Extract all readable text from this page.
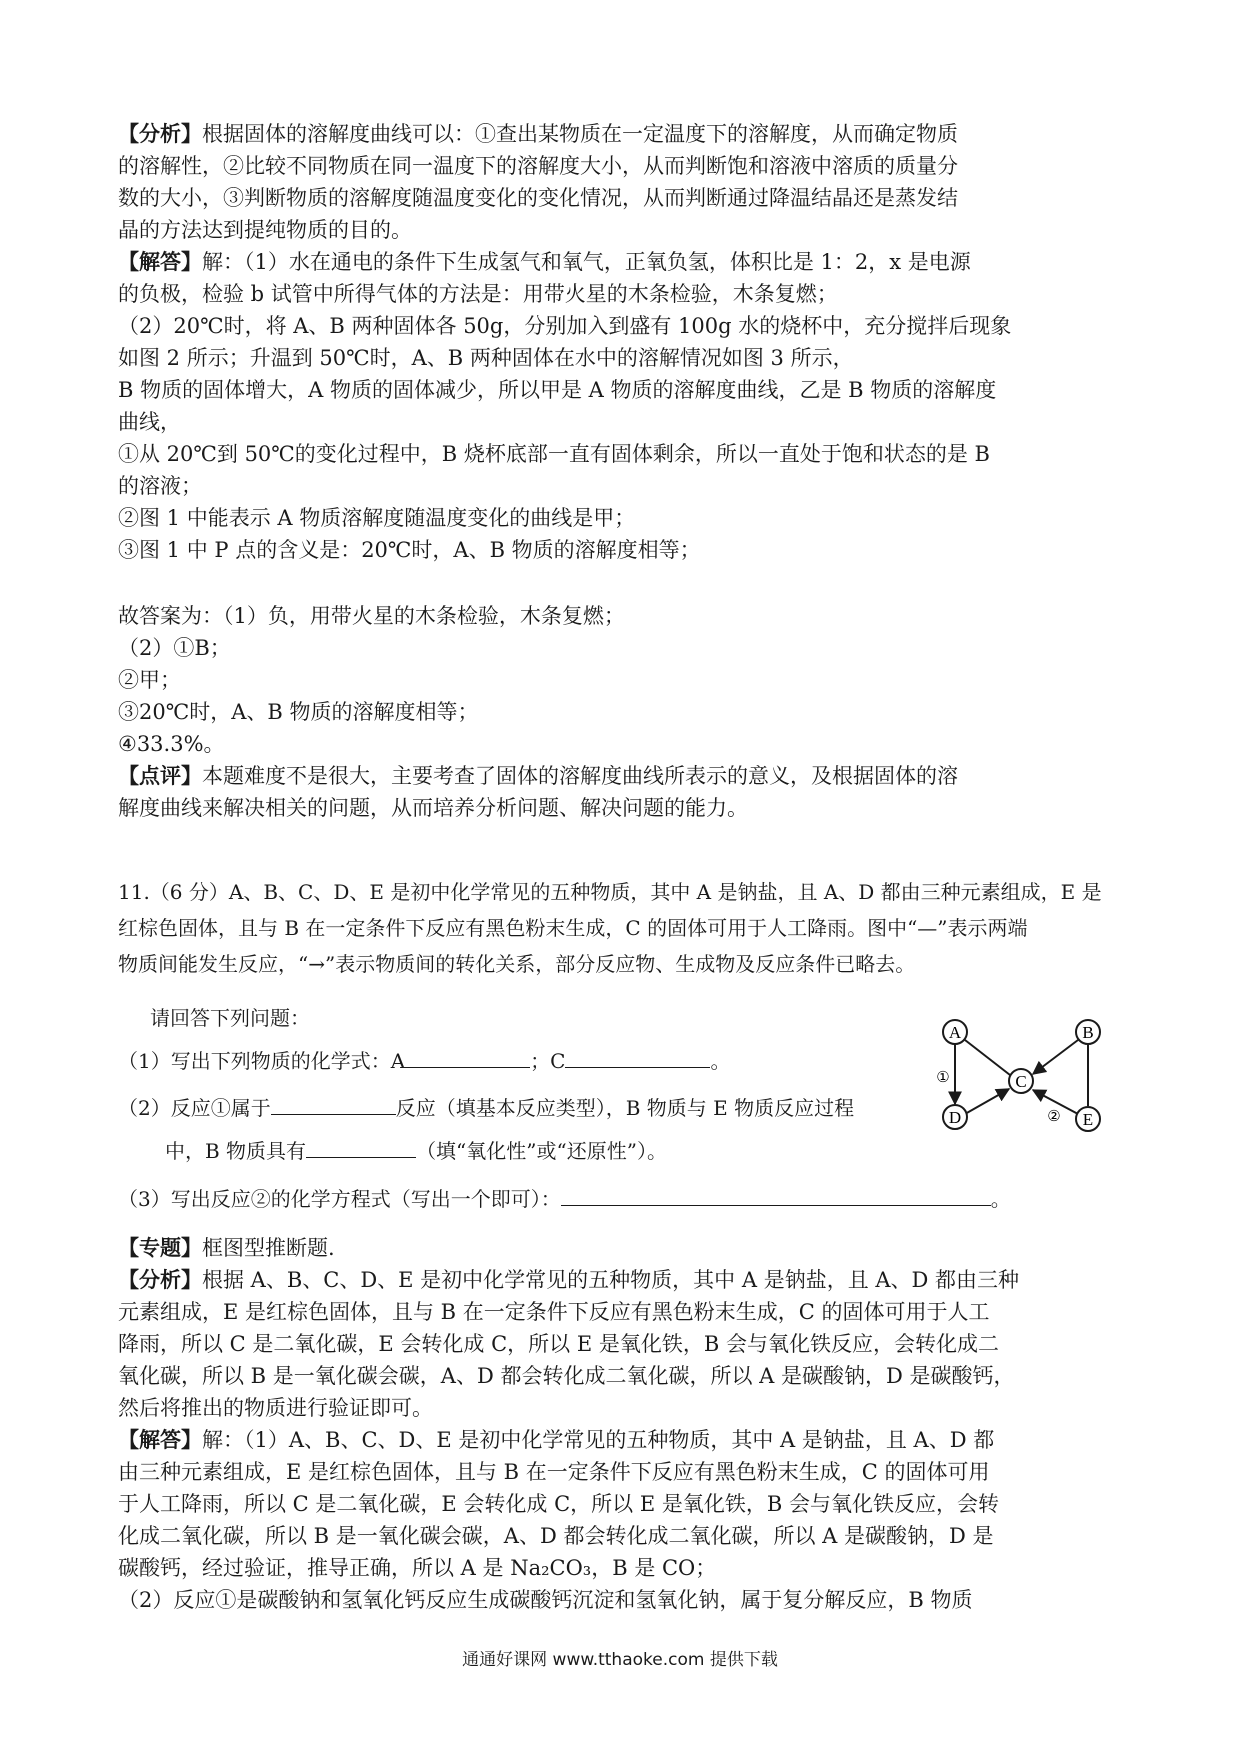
【分析】根据固体的溶解度曲线可以：①查出某物质在一定温度下的溶解度，从而确定物质
的溶解性，②比较不同物质在同一温度下的溶解度大小，从而判断饱和溶液中溶质的质量分
数的大小，③判断物质的溶解度随温度变化的变化情况，从而判断通过降温结晶还是蒸发结
晶的方法达到提纯物质的目的。
【解答】解：（1）水在通电的条件下生成氢气和氧气，正氧负氢，体积比是 1：2，x 是电源
的负极，检验 b 试管中所得气体的方法是：用带火星的木条检验，木条复燃；
（2）20℃时，将 A、B 两种固体各 50g，分别加入到盛有 100g 水的烧杯中，充分搅拌后现象
如图 2 所示；升温到 50℃时，A、B 两种固体在水中的溶解情况如图 3 所示，
B 物质的固体增大，A 物质的固体减少，所以甲是 A 物质的溶解度曲线，乙是 B 物质的溶解度
曲线，
①从 20℃到 50℃的变化过程中，B 烧杯底部一直有固体剩余，所以一直处于饱和状态的是 B
的溶液；
②图 1 中能表示 A 物质溶解度随温度变化的曲线是甲；
③图 1 中 P 点的含义是：20℃时，A、B 物质的溶解度相等；
故答案为：（1）负，用带火星的木条检验，木条复燃；
（2）①B；
②甲；
③20℃时，A、B 物质的溶解度相等；
④33.3%。
【点评】本题难度不是很大，主要考查了固体的溶解度曲线所表示的意义，及根据固体的溶
解度曲线来解决相关的问题，从而培养分析问题、解决问题的能力。
11.（6 分）A、B、C、D、E 是初中化学常见的五种物质，其中 A 是钠盐，且 A、D 都由三种元素组成，E 是
红棕色固体，且与 B 在一定条件下反应有黑色粉末生成，C 的固体可用于人工降雨。图中“—”表示两端
物质间能发生反应，“→”表示物质间的转化关系，部分反应物、生成物及反应条件已略去。
请回答下列问题：
（1）写出下列物质的化学式：A	；C	。
（2）反应①属于	反应（填基本反应类型），B 物质与 E 物质反应过程
中，B 物质具有	（填“氧化性”或“还原性”）。
（3）写出反应②的化学方程式（写出一个即可）：	。
A	B
C
D	E
①
②
【专题】框图型推断题.
【分析】根据 A、B、C、D、E 是初中化学常见的五种物质，其中 A 是钠盐，且 A、D 都由三种
元素组成，E 是红棕色固体，且与 B 在一定条件下反应有黑色粉末生成，C 的固体可用于人工
降雨，所以 C 是二氧化碳，E 会转化成 C，所以 E 是氧化铁，B 会与氧化铁反应，会转化成二
氧化碳，所以 B 是一氧化碳会碳，A、D 都会转化成二氧化碳，所以 A 是碳酸钠，D 是碳酸钙，
然后将推出的物质进行验证即可。
【解答】解：（1）A、B、C、D、E 是初中化学常见的五种物质，其中 A 是钠盐，且 A、D 都
由三种元素组成，E 是红棕色固体，且与 B 在一定条件下反应有黑色粉末生成，C 的固体可用
于人工降雨，所以 C 是二氧化碳，E 会转化成 C，所以 E 是氧化铁，B 会与氧化铁反应，会转
化成二氧化碳，所以 B 是一氧化碳会碳，A、D 都会转化成二氧化碳，所以 A 是碳酸钠，D 是
碳酸钙，经过验证，推导正确，所以 A 是 Na₂CO₃，B 是 CO；
（2）反应①是碳酸钠和氢氧化钙反应生成碳酸钙沉淀和氢氧化钠，属于复分解反应，B 物质
通通好课网 www.tthaoke.com 提供下载
